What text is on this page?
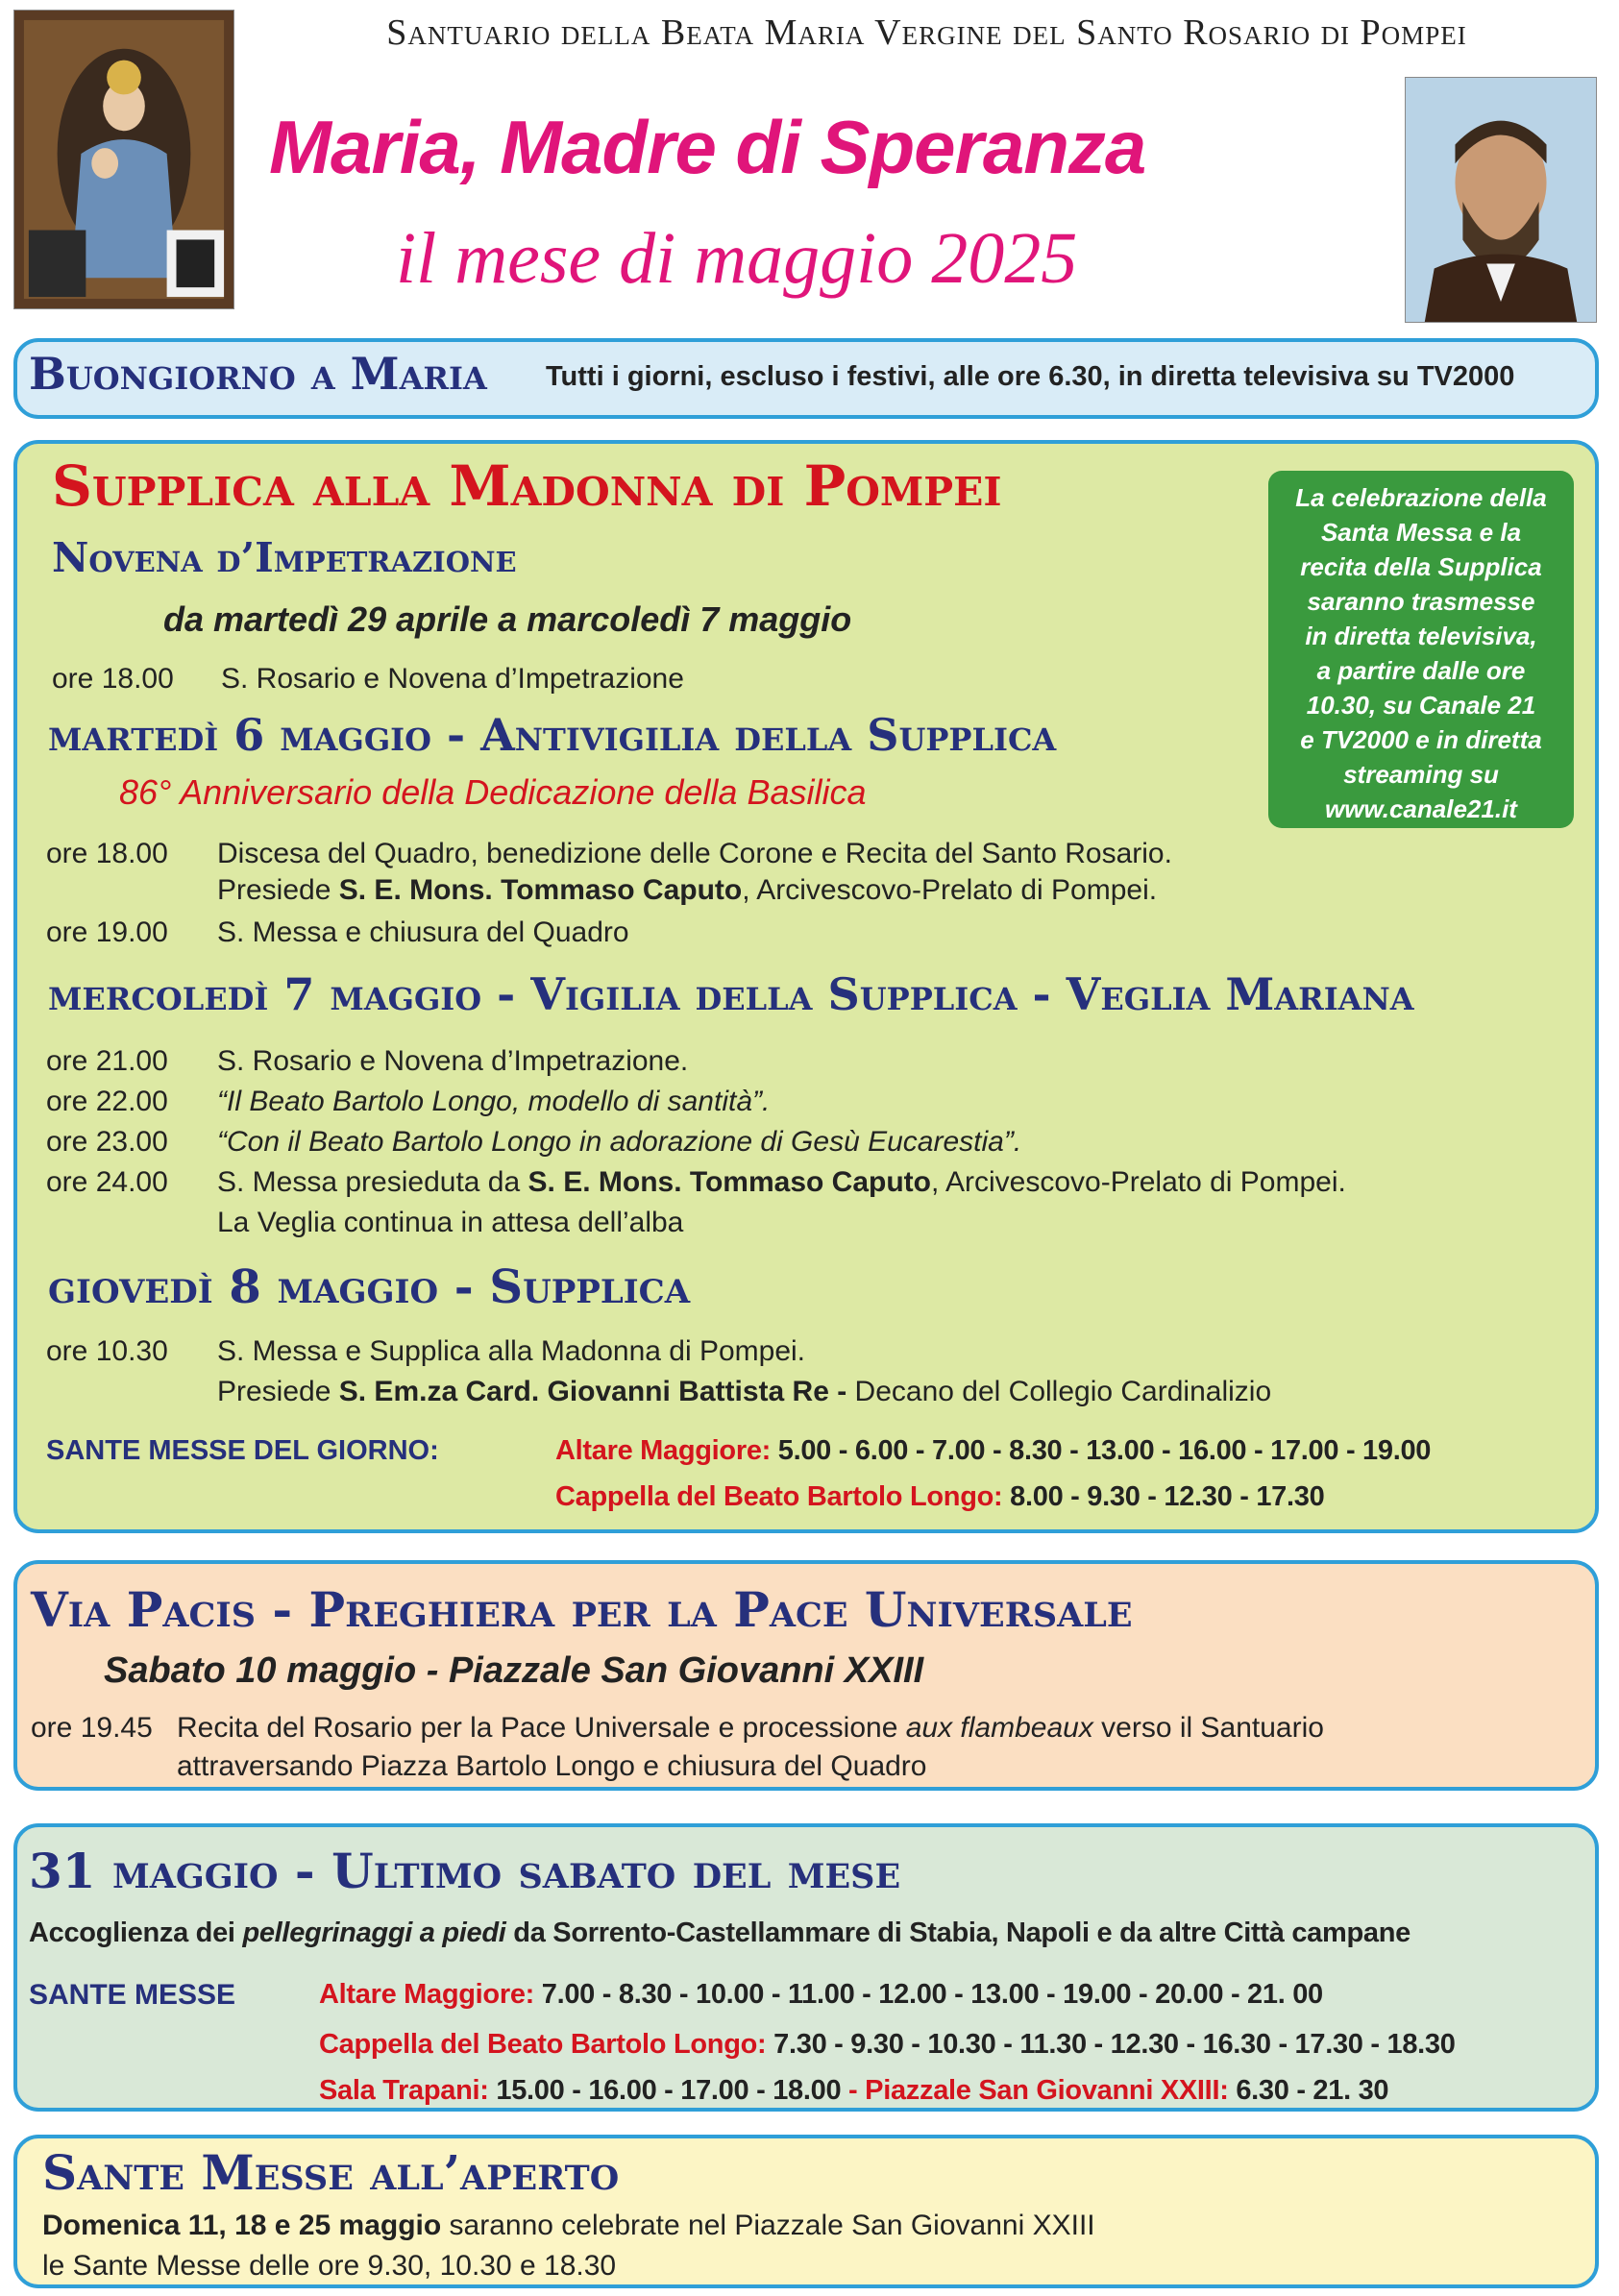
Santuario della Beata Maria Vergine del Santo Rosario di Pompei
Maria, Madre di Speranza
il mese di maggio 2025
Buongiorno a Maria Tutti i giorni, escluso i festivi, alle ore 6.30, in diretta televisiva su TV2000
Supplica alla Madonna di Pompei
Novena d’Impetrazione
da martedì 29 aprile a marcoledì 7 maggio
ore 18.00 S. Rosario e Novena d’Impetrazione
La celebrazione della
Santa Messa e la
recita della Supplica
saranno trasmesse
in diretta televisiva,
a partire dalle ore
10.30, su Canale 21
e TV2000 e in diretta
streaming su
www.canale21.it
martedì 6 maggio - Antivigilia della Supplica
86° Anniversario della Dedicazione della Basilica
ore 18.00 Discesa del Quadro, benedizione delle Corone e Recita del Santo Rosario.
Presiede S. E. Mons. Tommaso Caputo, Arcivescovo-Prelato di Pompei.
ore 19.00 S. Messa e chiusura del Quadro
mercoledì 7 maggio - Vigilia della Supplica - Veglia Mariana
ore 21.00 S. Rosario e Novena d’Impetrazione.
ore 22.00 “Il Beato Bartolo Longo, modello di santità”.
ore 23.00 “Con il Beato Bartolo Longo in adorazione di Gesù Eucarestia”.
ore 24.00 S. Messa presieduta da S. E. Mons. Tommaso Caputo, Arcivescovo-Prelato di Pompei.
La Veglia continua in attesa dell’alba
giovedì 8 maggio - Supplica
ore 10.30 S. Messa e Supplica alla Madonna di Pompei.
Presiede S. Em.za Card. Giovanni Battista Re - Decano del Collegio Cardinalizio
SANTE MESSE DEL GIORNO:	Altare Maggiore: 5.00 - 6.00 - 7.00 - 8.30 - 13.00 - 16.00 - 17.00 - 19.00
Cappella del Beato Bartolo Longo: 8.00 - 9.30 - 12.30 - 17.30
Via Pacis - Preghiera per la Pace Universale
Sabato 10 maggio - Piazzale San Giovanni XXIII
ore 19.45 Recita del Rosario per la Pace Universale e processione aux flambeaux verso il Santuario
attraversando Piazza Bartolo Longo e chiusura del Quadro
31 maggio - Ultimo sabato del mese
Accoglienza dei pellegrinaggi a piedi da Sorrento-Castellammare di Stabia, Napoli e da altre Città campane
SANTE MESSE	Altare Maggiore: 7.00 - 8.30 - 10.00 - 11.00 - 12.00 - 13.00 - 19.00 - 20.00 - 21. 00
Cappella del Beato Bartolo Longo: 7.30 - 9.30 - 10.30 - 11.30 - 12.30 - 16.30 - 17.30 - 18.30
Sala Trapani: 15.00 - 16.00 - 17.00 - 18.00 - Piazzale San Giovanni XXIII: 6.30 - 21. 30
Sante Messe all’aperto
Domenica 11, 18 e 25 maggio saranno celebrate nel Piazzale San Giovanni XXIII
le Sante Messe delle ore 9.30, 10.30 e 18.30
